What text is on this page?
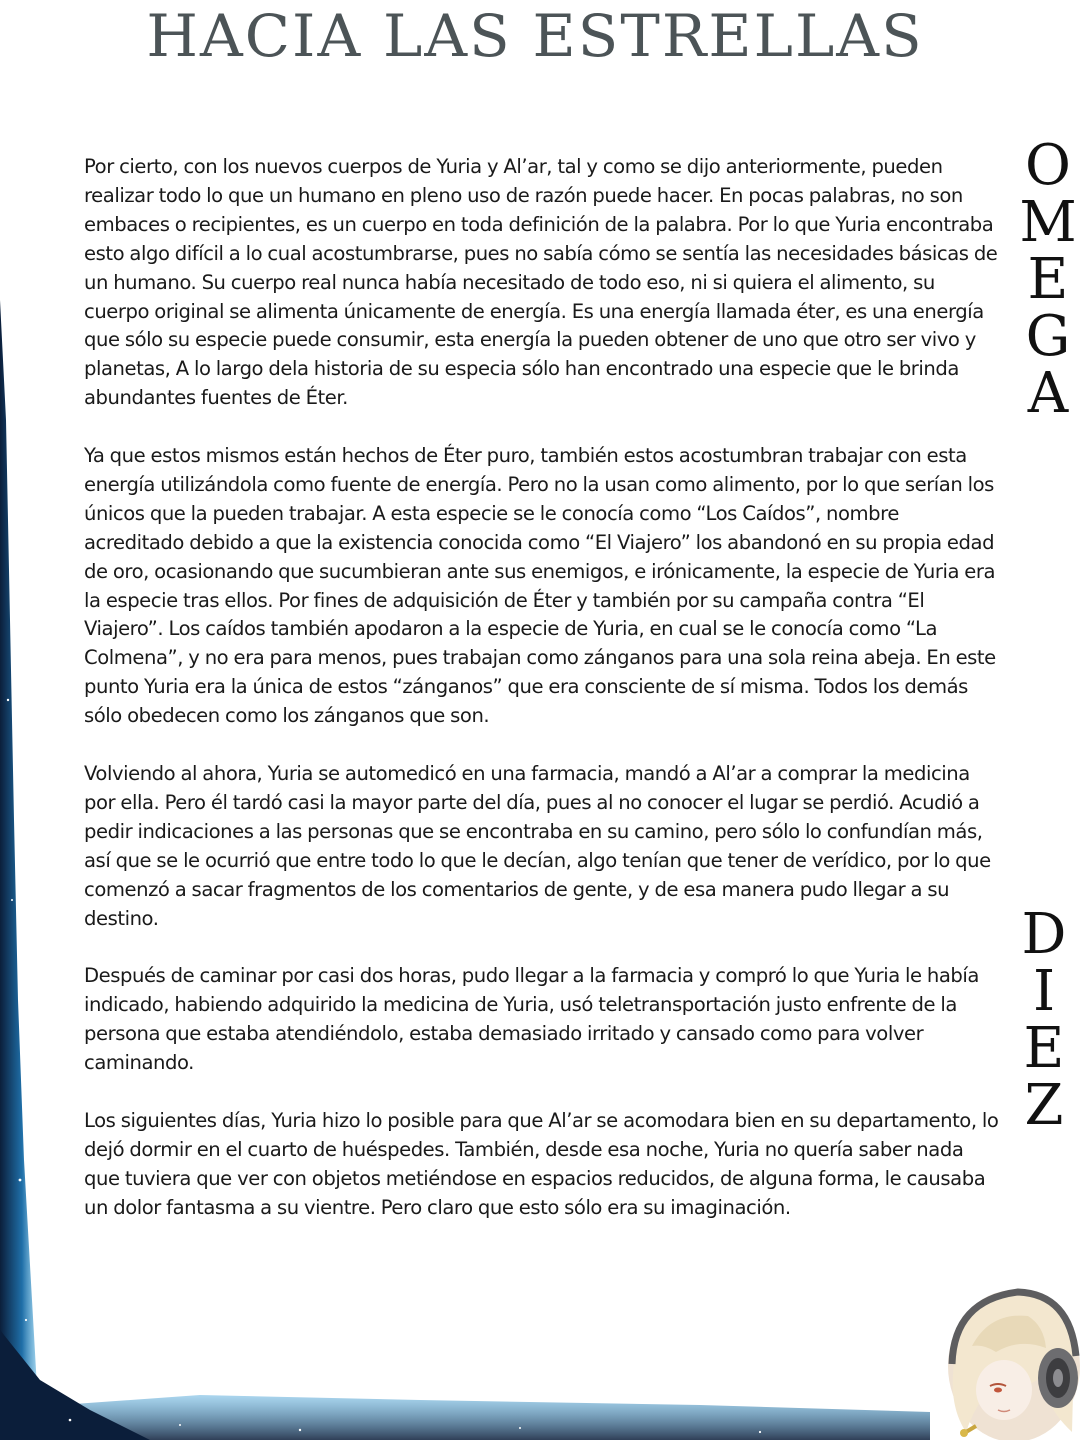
HACIA LAS ESTRELLAS

Por cierto, con los nuevos cuerpos de Yuria y Al’ar, tal y como se dijo anteriormente, pueden realizar todo lo que un humano en pleno uso de razón puede hacer. En pocas palabras, no son embaces o recipientes, es un cuerpo en toda definición de la palabra. Por lo que Yuria encontraba esto algo difícil a lo cual acostumbrarse, pues no sabía cómo se sentía las necesidades básicas de un humano. Su cuerpo real nunca había necesitado de todo eso, ni si quiera el alimento, su cuerpo original se alimenta únicamente de energía. Es una energía llamada éter, es una energía que sólo su especie puede consumir, esta energía la pueden obtener de uno que otro ser vivo y planetas, A lo largo dela historia de su especia sólo han encontrado una especie que le brinda abundantes fuentes de Éter.

Ya que estos mismos están hechos de Éter puro, también estos acostumbran trabajar con esta energía utilizándola como fuente de energía. Pero no la usan como alimento, por lo que serían los únicos que la pueden trabajar. A esta especie se le conocía como “Los Caídos”, nombre acreditado debido a que la existencia conocida como “El Viajero” los abandonó en su propia edad de oro, ocasionando que sucumbieran ante sus enemigos, e irónicamente, la especie de Yuria era la especie tras ellos. Por fines de adquisición de Éter y también por su campaña contra “El Viajero”. Los caídos también apodaron a la especie de Yuria, en cual se le conocía como “La Colmena”, y no era para menos, pues trabajan como zánganos para una sola reina abeja. En este punto Yuria era la única de estos “zánganos” que era consciente de sí misma. Todos los demás sólo obedecen como los zánganos que son.

Volviendo al ahora, Yuria se automedicó en una farmacia, mandó a Al’ar a comprar la medicina por ella. Pero él tardó casi la mayor parte del día, pues al no conocer el lugar se perdió. Acudió a pedir indicaciones a las personas que se encontraba en su camino, pero sólo lo confundían más, así que se le ocurrió que entre todo lo que le decían, algo tenían que tener de verídico, por lo que comenzó a sacar fragmentos de los comentarios de gente, y de esa manera pudo llegar a su destino.

Después de caminar por casi dos horas, pudo llegar a la farmacia y compró lo que Yuria le había indicado, habiendo adquirido la medicina de Yuria, usó teletransportación justo enfrente de la persona que estaba atendiéndolo, estaba demasiado irritado y cansado como para volver caminando.

Los siguientes días, Yuria hizo lo posible para que Al’ar se acomodara bien en su departamento, lo dejó dormir en el cuarto de huéspedes. También, desde esa noche, Yuria no quería saber nada que tuviera que ver con objetos metiéndose en espacios reducidos, de alguna forma, le causaba un dolor fantasma a su vientre. Pero claro que esto sólo era su imaginación.

O
M
E
G
A
D
I
E
Z
